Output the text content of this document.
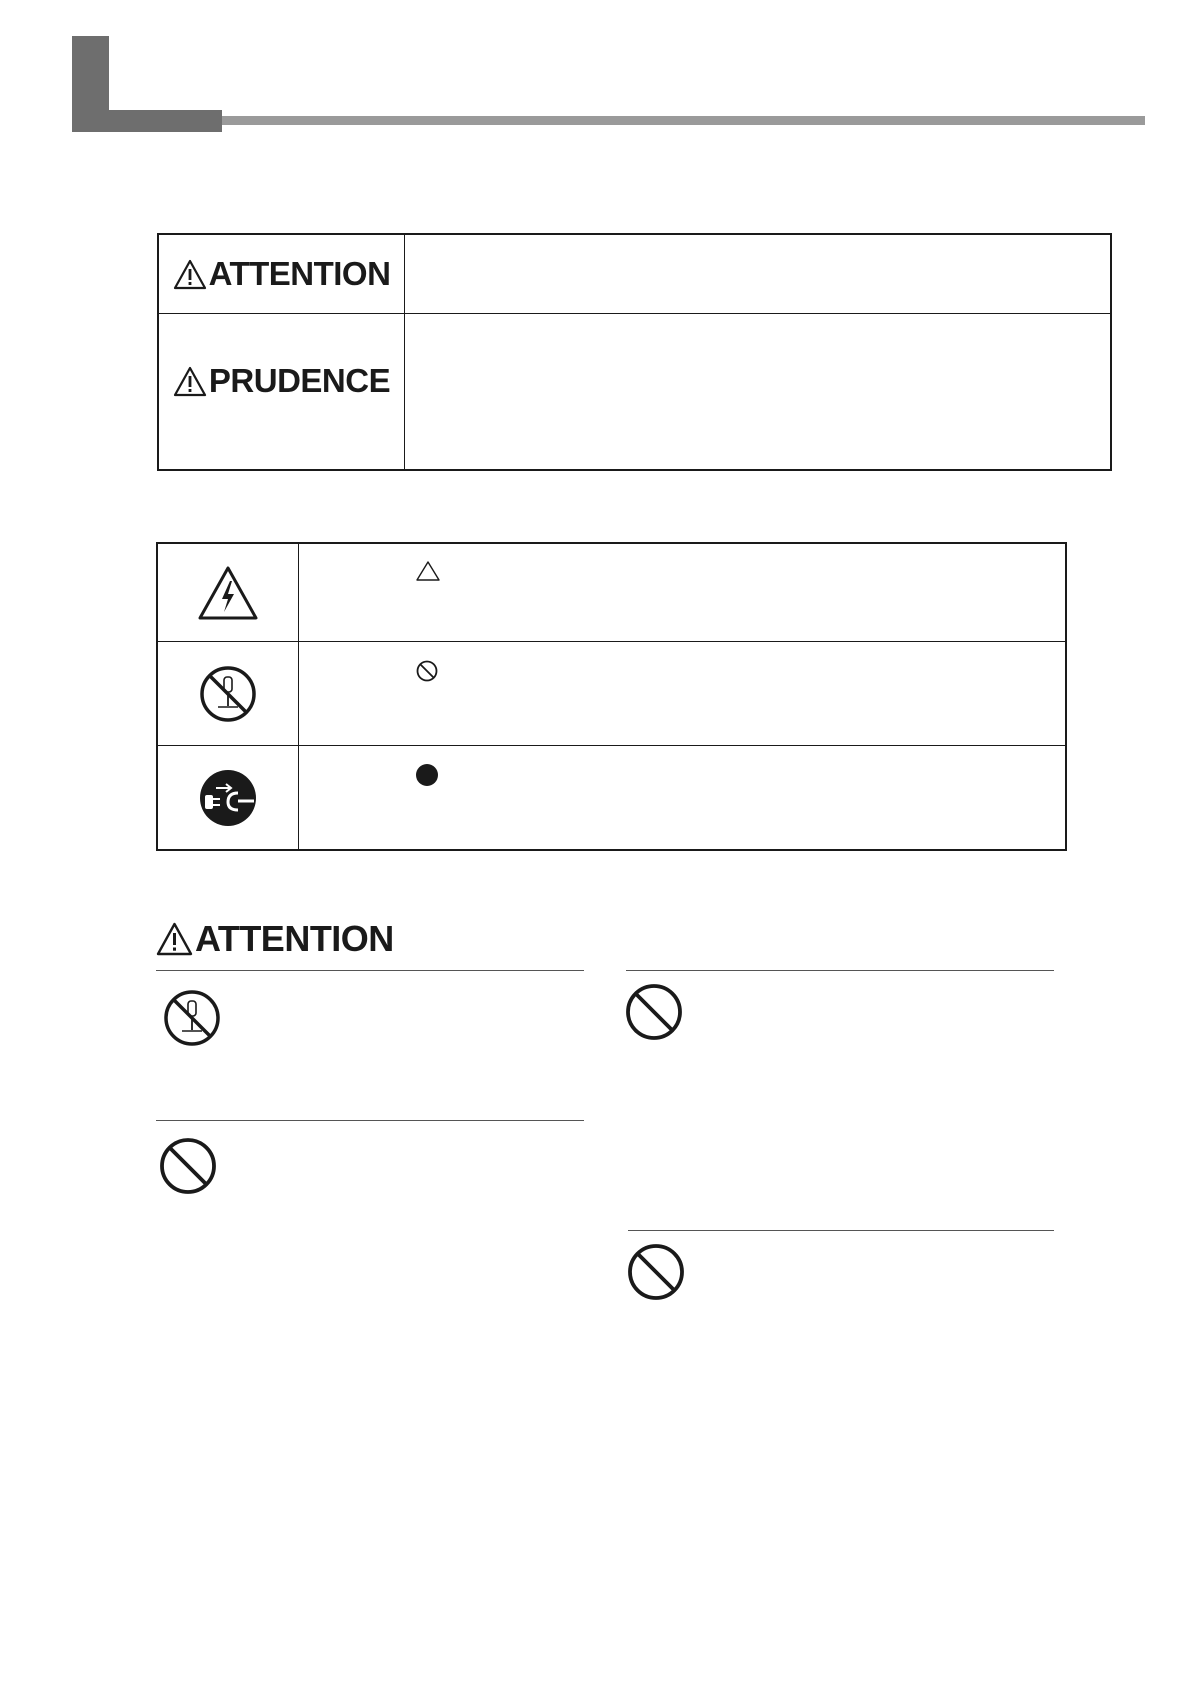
ATTENTION
PRUDENCE
ATTENTION
